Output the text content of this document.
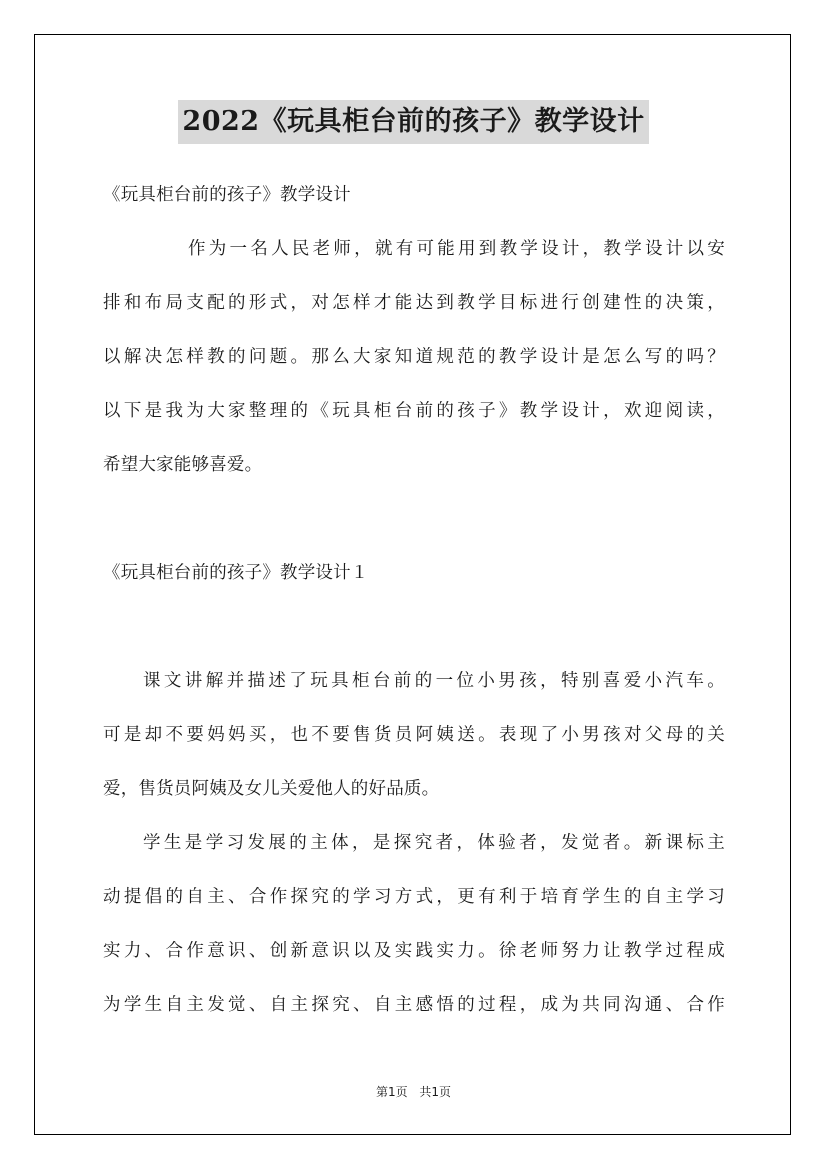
2022《玩具柜台前的孩子》教学设计
《玩具柜台前的孩子》教学设计
作为一名人民老师，就有可能用到教学设计，教学设计以安
排和布局支配的形式，对怎样才能达到教学目标进行创建性的决策，
以解决怎样教的问题。那么大家知道规范的教学设计是怎么写的吗？
以下是我为大家整理的《玩具柜台前的孩子》教学设计，欢迎阅读，
希望大家能够喜爱。
《玩具柜台前的孩子》教学设计１
课文讲解并描述了玩具柜台前的一位小男孩，特别喜爱小汽车。
可是却不要妈妈买，也不要售货员阿姨送。表现了小男孩对父母的关
爱，售货员阿姨及女儿关爱他人的好品质。
学生是学习发展的主体，是探究者，体验者，发觉者。新课标主
动提倡的自主、合作探究的学习方式，更有利于培育学生的自主学习
实力、合作意识、创新意识以及实践实力。徐老师努力让教学过程成
为学生自主发觉、自主探究、自主感悟的过程，成为共同沟通、合作
第1页 共1页
